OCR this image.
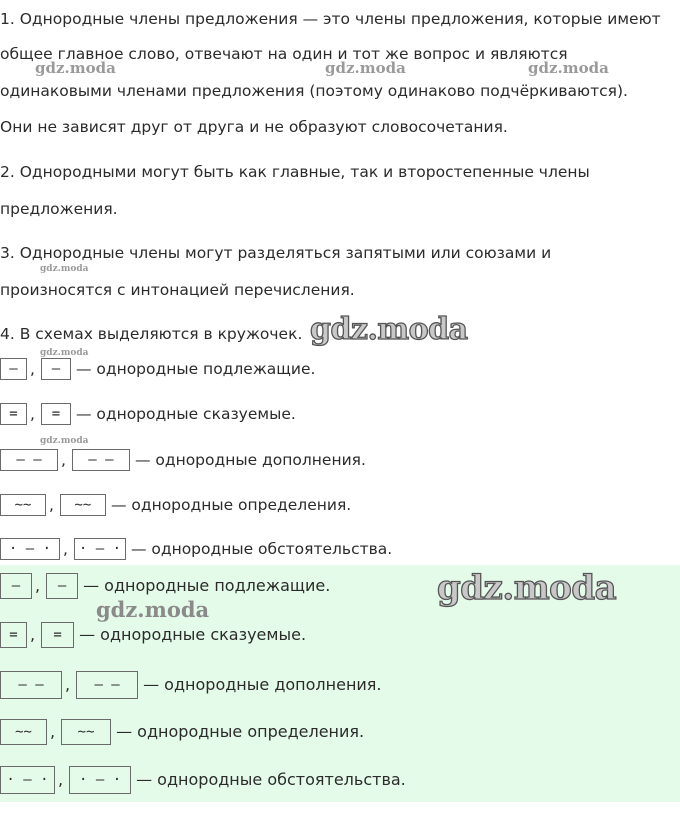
1. Однородные члены предложения — это члены предложения, которые имеют
общее главное слово, отвечают на один и тот же вопрос и являются
одинаковыми членами предложения (поэтому одинаково подчёркиваются).
Они не зависят друг от друга и не образуют словосочетания.
2. Однородными могут быть как главные, так и второстепенные члены
предложения.
3. Однородные члены могут разделяться запятыми или союзами и
произносятся с интонацией перечисления.
4. В схемах выделяются в кружочек.
— ,	—	— однородные подлежащие.
= ,	=	— однородные сказуемые.
— —	,	— —	— однородные дополнения.
∼∼	,	∼∼	— однородные определения.
· — · , · — · — однородные обстоятельства.
— ,	—	— однородные подлежащие.
= ,	=	— однородные сказуемые.
— —	,	— —	— однородные дополнения.
∼∼	,	∼∼	— однородные определения.
· — · ,	· — · — однородные обстоятельства.
gdz.moda	gdz.moda	gdz.moda
gdz.moda
gdz.moda
gdz.moda
gdz.moda
gdz.moda
gdz.moda
